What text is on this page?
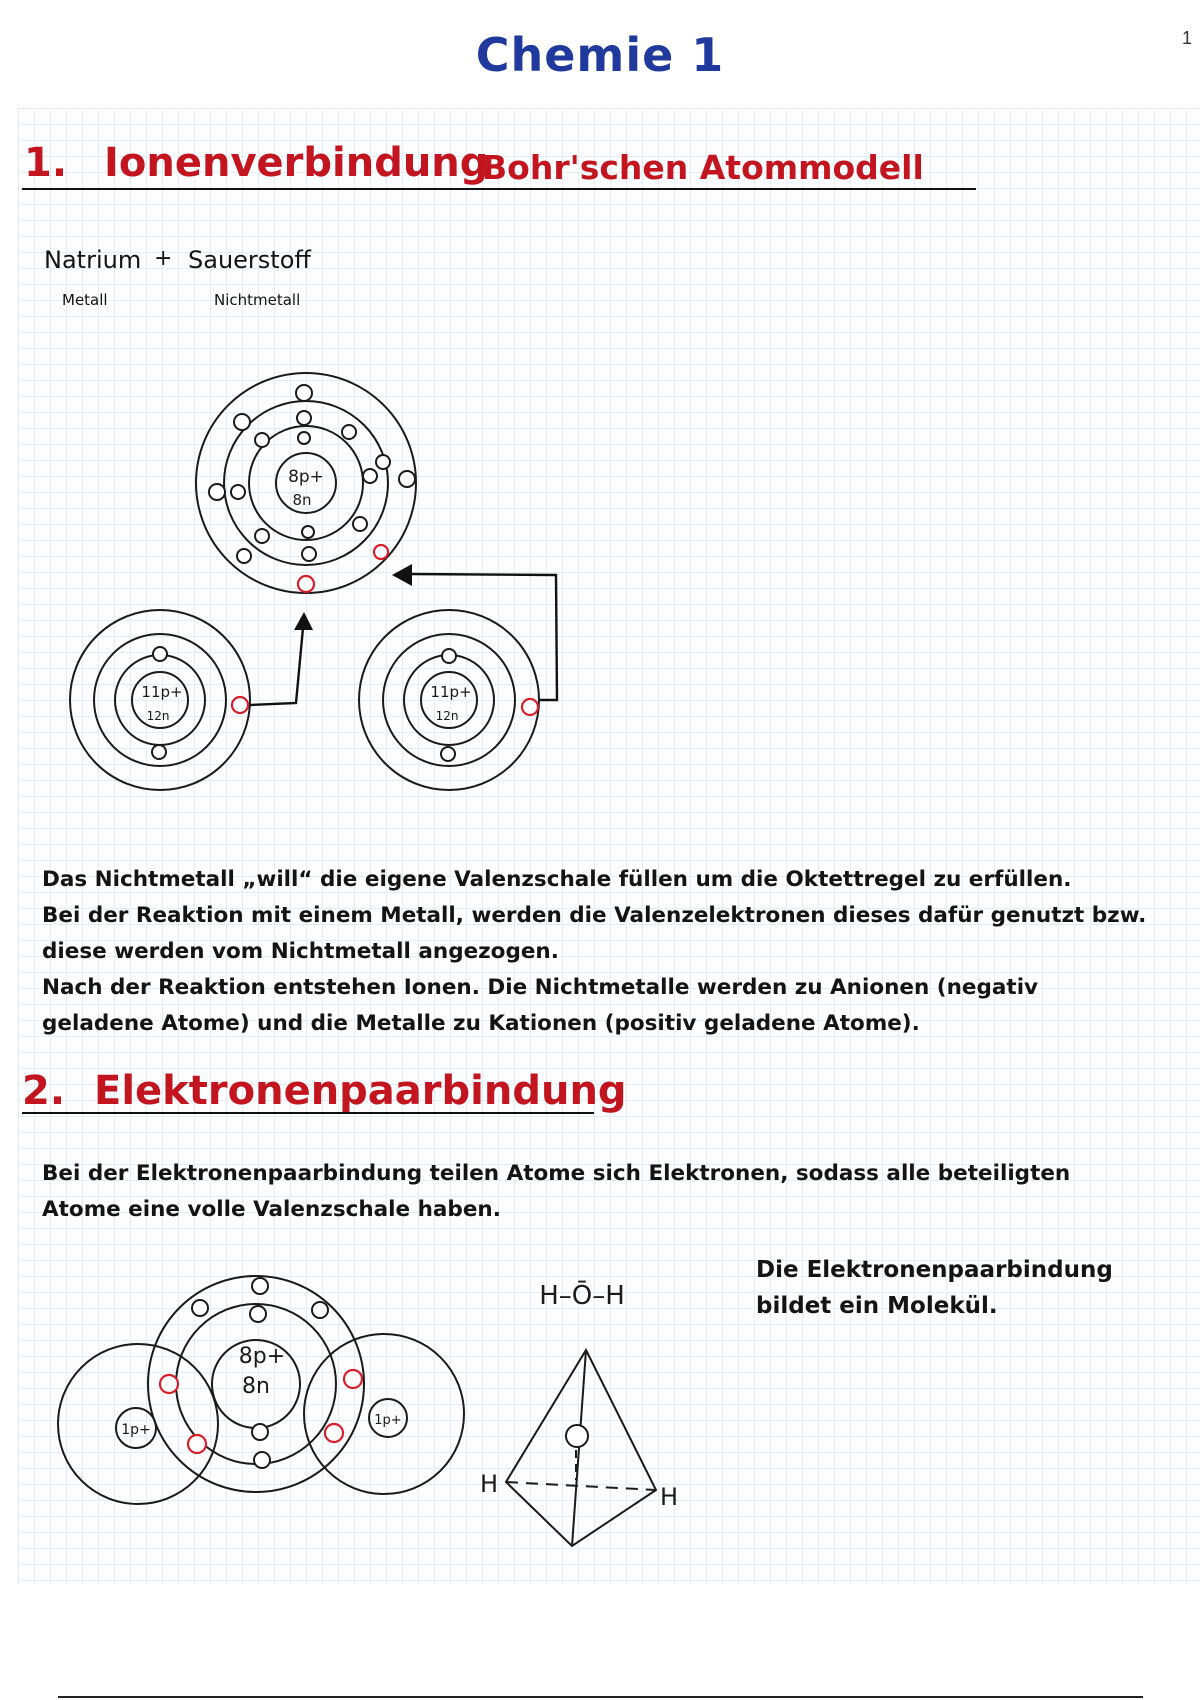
1
Chemie 1
1. Ionenverbindung
Bohr'schen Atommodell
Natrium + Sauerstoff
Metall	Nichtmetall
8p+
8n
11p+
12n
11p+
12n
Das Nichtmetall „will“ die eigene Valenzschale füllen um die Oktettregel zu erfüllen.
Bei der Reaktion mit einem Metall, werden die Valenzelektronen dieses dafür genutzt bzw.
diese werden vom Nichtmetall angezogen.
Nach der Reaktion entstehen Ionen. Die Nichtmetalle werden zu Anionen (negativ
geladene Atome) und die Metalle zu Kationen (positiv geladene Atome).
2. Elektronenpaarbindung
Bei der Elektronenpaarbindung teilen Atome sich Elektronen, sodass alle beteiligten
Atome eine volle Valenzschale haben.
Die Elektronenpaarbindung
bildet ein Molekül.
8p+
8n
1p+
1p+
H–Ō–H
H	H
